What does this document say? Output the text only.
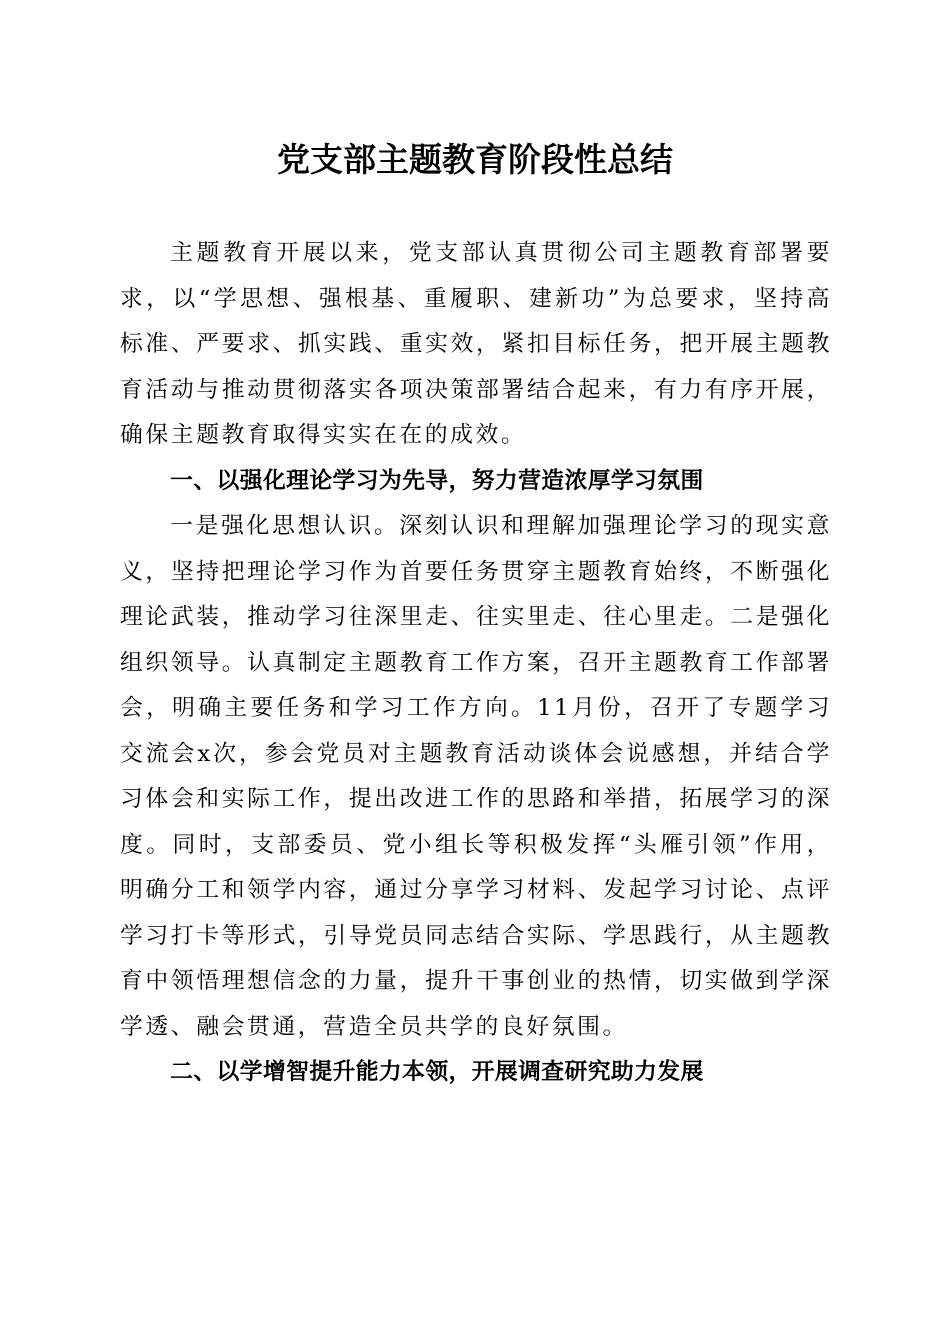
党支部主题教育阶段性总结

主题教育开展以来，党支部认真贯彻公司主题教育部署要求，以“学思想、强根基、重履职、建新功”为总要求，坚持高标准、严要求、抓实践、重实效，紧扣目标任务，把开展主题教育活动与推动贯彻落实各项决策部署结合起来，有力有序开展，确保主题教育取得实实在在的成效。

一、以强化理论学习为先导，努力营造浓厚学习氛围

一是强化思想认识。深刻认识和理解加强理论学习的现实意义，坚持把理论学习作为首要任务贯穿主题教育始终，不断强化理论武装，推动学习往深里走、往实里走、往心里走。二是强化组织领导。认真制定主题教育工作方案，召开主题教育工作部署会，明确主要任务和学习工作方向。11月份，召开了专题学习交流会x次，参会党员对主题教育活动谈体会说感想，并结合学习体会和实际工作，提出改进工作的思路和举措，拓展学习的深度。同时，支部委员、党小组长等积极发挥“头雁引领”作用，明确分工和领学内容，通过分享学习材料、发起学习讨论、点评学习打卡等形式，引导党员同志结合实际、学思践行，从主题教育中领悟理想信念的力量，提升干事创业的热情，切实做到学深学透、融会贯通，营造全员共学的良好氛围。

二、以学增智提升能力本领，开展调查研究助力发展
